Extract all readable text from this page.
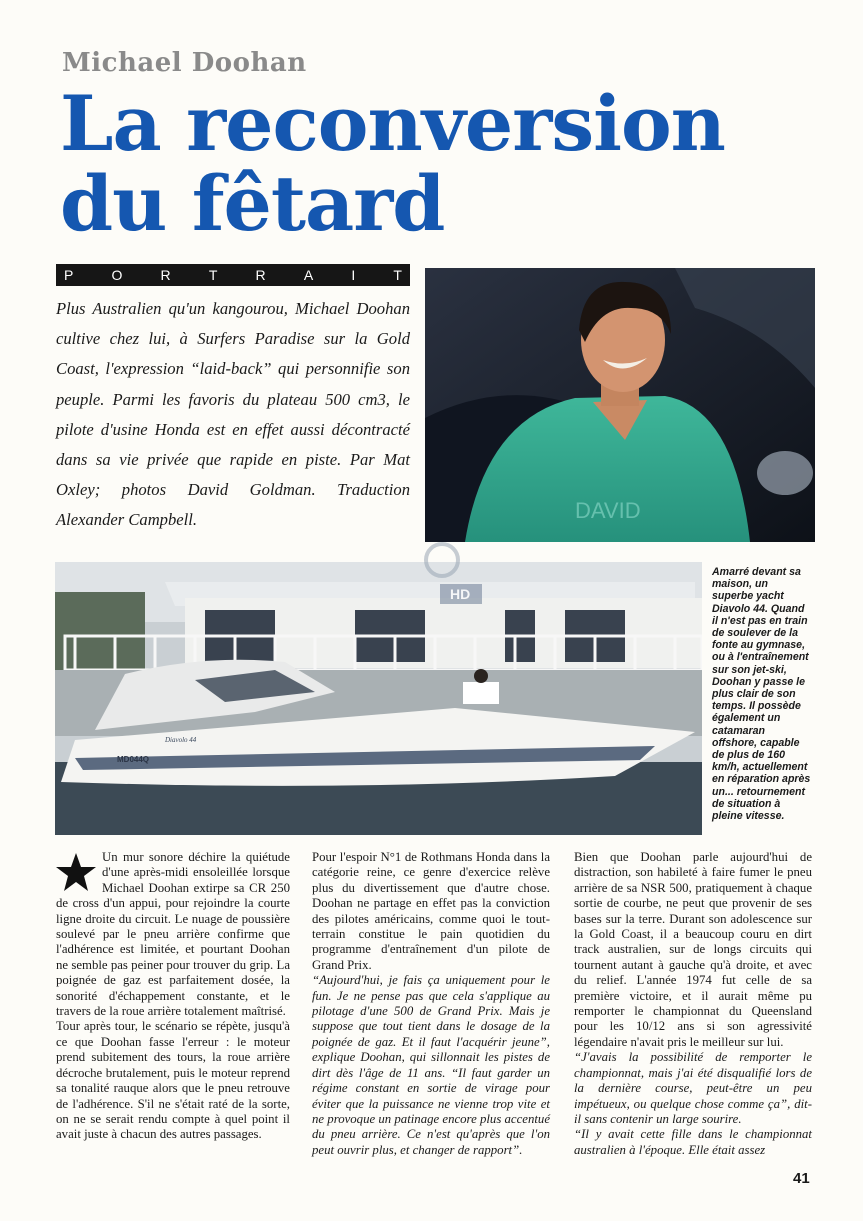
Michael Doohan
La reconversion
du fêtard
P	O	R	T	R	A	I	T
Plus Australien qu'un kangourou, Michael Doohan cultive chez lui, à Surfers Paradise sur la Gold Coast, l'expression “laid-back” qui personnifie son peuple. Parmi les favoris du plateau 500 cm3, le pilote d'usine Honda est en effet aussi décontracté dans sa vie privée que rapide en piste. Par Mat Oxley; photos David Goldman. Traduction Alexander Campbell.	DAVID
MD044Q
Diavolo 44
HD
Amarré devant sa maison, un superbe yacht Diavolo 44. Quand il n'est pas en train de soulever de la fonte au gymnase, ou à l'entraînement sur son jet-ski, Doohan y passe le plus clair de son temps. Il possède également un catamaran offshore, capable de plus de 160 km/h, actuellement en réparation après un... retournement de situation à pleine vitesse.

Un mur sonore déchire la quiétude d'une après-midi ensoleillée lorsque Michael Doohan extirpe sa CR 250 de cross d'un appui, pour rejoindre la courte ligne droite du circuit. Le nuage de poussière soulevé par le pneu arrière confirme que l'adhérence est limitée, et pourtant Doohan ne semble pas peiner pour trouver du grip. La poignée de gaz est parfaitement dosée, la sonorité d'échappement constante, et le travers de la roue arrière totalement maîtrisé.

Tour après tour, le scénario se répète, jusqu'à ce que Doohan fasse l'erreur : le moteur prend subitement des tours, la roue arrière décroche brutalement, puis le moteur reprend sa tonalité rauque alors que le pneu retrouve de l'adhérence. S'il ne s'était raté de la sorte, on ne se serait rendu compte à quel point il avait juste à chacun des autres passages.

Pour l'espoir N°1 de Rothmans Honda dans la catégorie reine, ce genre d'exercice relève plus du divertissement que d'autre chose. Doohan ne partage en effet pas la conviction des pilotes américains, comme quoi le tout-terrain constitue le pain quotidien du programme d'entraînement d'un pilote de Grand Prix.

“Aujourd'hui, je fais ça uniquement pour le fun. Je ne pense pas que cela s'applique au pilotage d'une 500 de Grand Prix. Mais je suppose que tout tient dans le dosage de la poignée de gaz. Et il faut l'acquérir jeune”, explique Doohan, qui sillonnait les pistes de dirt dès l'âge de 11 ans. “Il faut garder un régime constant en sortie de virage pour éviter que la puissance ne vienne trop vite et ne provoque un patinage encore plus accentué du pneu arrière. Ce n'est qu'après que l'on peut ouvrir plus, et changer de rapport”.

Bien que Doohan parle aujourd'hui de distraction, son habileté à faire fumer le pneu arrière de sa NSR 500, pratiquement à chaque sortie de courbe, ne peut que provenir de ses bases sur la terre. Durant son adolescence sur la Gold Coast, il a beaucoup couru en dirt track australien, sur de longs circuits qui tournent autant à gauche qu'à droite, et avec du relief. L'année 1974 fut celle de sa première victoire, et il aurait même pu remporter le championnat du Queensland pour les 10/12 ans si son agressivité légendaire n'avait pris le meilleur sur lui.

“J'avais la possibilité de remporter le championnat, mais j'ai été disqualifié lors de la dernière course, peut-être un peu impétueux, ou quelque chose comme ça”, dit-il sans contenir un large sourire.

“Il y avait cette fille dans le championnat australien à l'époque. Elle était assez

41
